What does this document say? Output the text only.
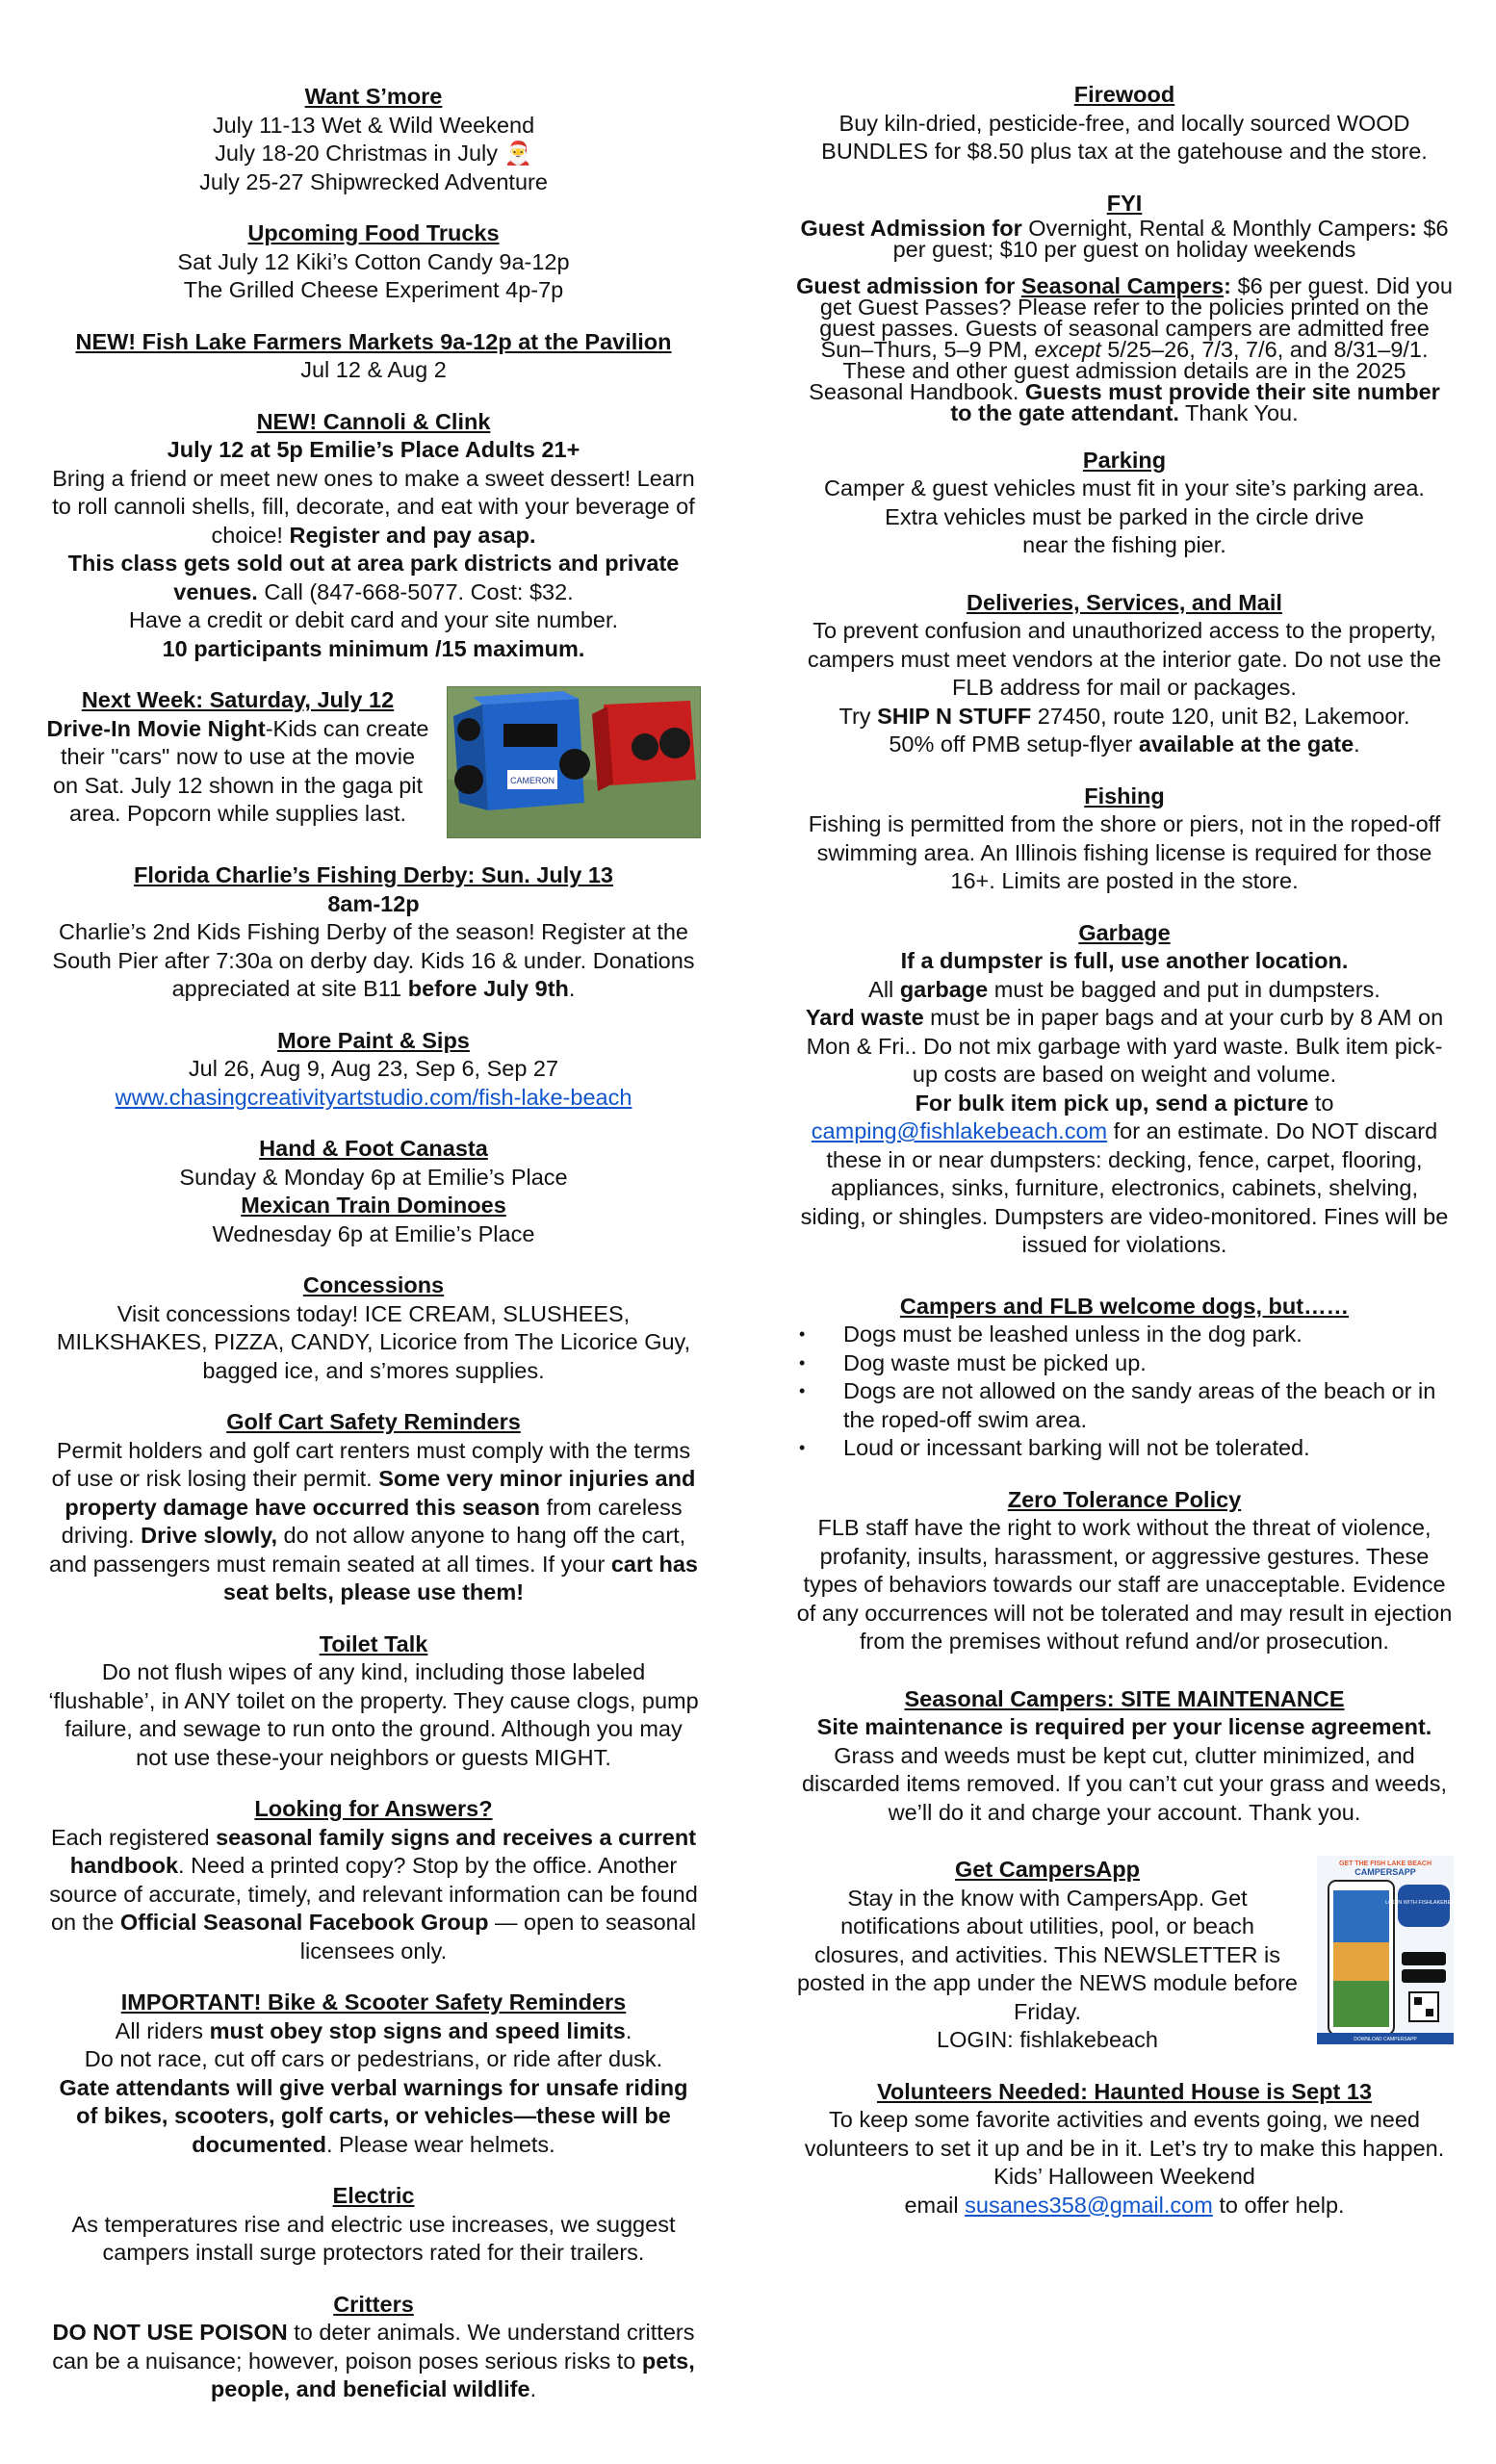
Want S’more

July 11-13 Wet & Wild Weekend

July 18-20 Christmas in July 🎅

July 25-27 Shipwrecked Adventure

Upcoming Food Trucks

Sat July 12 Kiki’s Cotton Candy 9a-12p

The Grilled Cheese Experiment 4p-7p

NEW! Fish Lake Farmers Markets 9a-12p at the Pavilion

Jul 12 & Aug 2

NEW! Cannoli & Clink

July 12 at 5p Emilie’s Place Adults 21+

Bring a friend or meet new ones to make a sweet dessert! Learn to roll cannoli shells, fill, decorate, and eat with your beverage of choice! Register and pay asap.

This class gets sold out at area park districts and private venues. Call (847-668-5077. Cost: $32.

Have a credit or debit card and your site number.

10 participants minimum /15 maximum.

Next Week: Saturday, July 12

Drive-In Movie Night-Kids can create their "cars" now to use at the movie on Sat. July 12 shown in the gaga pit area. Popcorn while supplies last.

CAMERON

Florida Charlie’s Fishing Derby: Sun. July 13

8am-12p

Charlie’s 2nd Kids Fishing Derby of the season! Register at the South Pier after 7:30a on derby day. Kids 16 & under. Donations appreciated at site B11 before July 9th.

More Paint & Sips

Jul 26, Aug 9, Aug 23, Sep 6, Sep 27

www.chasingcreativityartstudio.com/fish-lake-beach

Hand & Foot Canasta

Sunday & Monday 6p at Emilie’s Place

Mexican Train Dominoes

Wednesday 6p at Emilie’s Place

Concessions

Visit concessions today! ICE CREAM, SLUSHEES, MILKSHAKES, PIZZA, CANDY, Licorice from The Licorice Guy, bagged ice, and s’mores supplies.

Golf Cart Safety Reminders

Permit holders and golf cart renters must comply with the terms of use or risk losing their permit. Some very minor injuries and property damage have occurred this season from careless driving. Drive slowly, do not allow anyone to hang off the cart, and passengers must remain seated at all times. If your cart has seat belts, please use them!

Toilet Talk

Do not flush wipes of any kind, including those labeled ‘flushable’, in ANY toilet on the property. They cause clogs, pump failure, and sewage to run onto the ground. Although you may not use these-your neighbors or guests MIGHT.

Looking for Answers?

Each registered seasonal family signs and receives a current handbook. Need a printed copy? Stop by the office. Another source of accurate, timely, and relevant information can be found on the Official Seasonal Facebook Group — open to seasonal licensees only.

IMPORTANT! Bike & Scooter Safety Reminders

All riders must obey stop signs and speed limits.

Do not race, cut off cars or pedestrians, or ride after dusk.

Gate attendants will give verbal warnings for unsafe riding of bikes, scooters, golf carts, or vehicles—these will be documented. Please wear helmets.

Electric

As temperatures rise and electric use increases, we suggest campers install surge protectors rated for their trailers.

Critters

DO NOT USE POISON to deter animals. We understand critters can be a nuisance; however, poison poses serious risks to pets, people, and beneficial wildlife.

Firewood

Buy kiln-dried, pesticide-free, and locally sourced WOOD BUNDLES for $8.50 plus tax at the gatehouse and the store.

FYI

Guest Admission for Overnight, Rental & Monthly Campers: $6 per guest; $10 per guest on holiday weekends

Guest admission for Seasonal Campers: $6 per guest. Did you get Guest Passes? Please refer to the policies printed on the guest passes. Guests of seasonal campers are admitted free Sun–Thurs, 5–9 PM, except 5/25–26, 7/3, 7/6, and 8/31–9/1. These and other guest admission details are in the 2025 Seasonal Handbook. Guests must provide their site number to the gate attendant. Thank You.

Parking

Camper & guest vehicles must fit in your site’s parking area.

Extra vehicles must be parked in the circle drive

near the fishing pier.

Deliveries, Services, and Mail

To prevent confusion and unauthorized access to the property, campers must meet vendors at the interior gate. Do not use the FLB address for mail or packages.

Try SHIP N STUFF 27450, route 120, unit B2, Lakemoor.

50% off PMB setup-flyer available at the gate.

Fishing

Fishing is permitted from the shore or piers, not in the roped-off swimming area. An Illinois fishing license is required for those 16+. Limits are posted in the store.

Garbage

If a dumpster is full, use another location.

All garbage must be bagged and put in dumpsters.

Yard waste must be in paper bags and at your curb by 8 AM on Mon & Fri.. Do not mix garbage with yard waste. Bulk item pick-up costs are based on weight and volume.

For bulk item pick up, send a picture to camping@fishlakebeach.com for an estimate. Do NOT discard these in or near dumpsters: decking, fence, carpet, flooring, appliances, sinks, furniture, electronics, cabinets, shelving, siding, or shingles. Dumpsters are video-monitored. Fines will be issued for violations.

Campers and FLB welcome dogs, but……

• Dogs must be leashed unless in the dog park.
• Dog waste must be picked up.
• Dogs are not allowed on the sandy areas of the beach or in the roped-off swim area.
• Loud or incessant barking will not be tolerated.

Zero Tolerance Policy

FLB staff have the right to work without the threat of violence, profanity, insults, harassment, or aggressive gestures. These types of behaviors towards our staff are unacceptable. Evidence of any occurrences will not be tolerated and may result in ejection from the premises without refund and/or prosecution.

Seasonal Campers: SITE MAINTENANCE

Site maintenance is required per your license agreement. Grass and weeds must be kept cut, clutter minimized, and discarded items removed. If you can’t cut your grass and weeds, we’ll do it and charge your account. Thank you.

Get CampersApp

Stay in the know with CampersApp. Get notifications about utilities, pool, or beach closures, and activities. This NEWSLETTER is posted in the app under the NEWS module before Friday.

LOGIN: fishlakebeach

GET THE FISH LAKE BEACH
CAMPERSAPP
LOGIN WITH FISHLAKEBEACH
DOWNLOAD CAMPERSAPP

Volunteers Needed: Haunted House is Sept 13

To keep some favorite activities and events going, we need volunteers to set it up and be in it. Let’s try to make this happen. Kids’ Halloween Weekend

email susanes358@gmail.com to offer help.
